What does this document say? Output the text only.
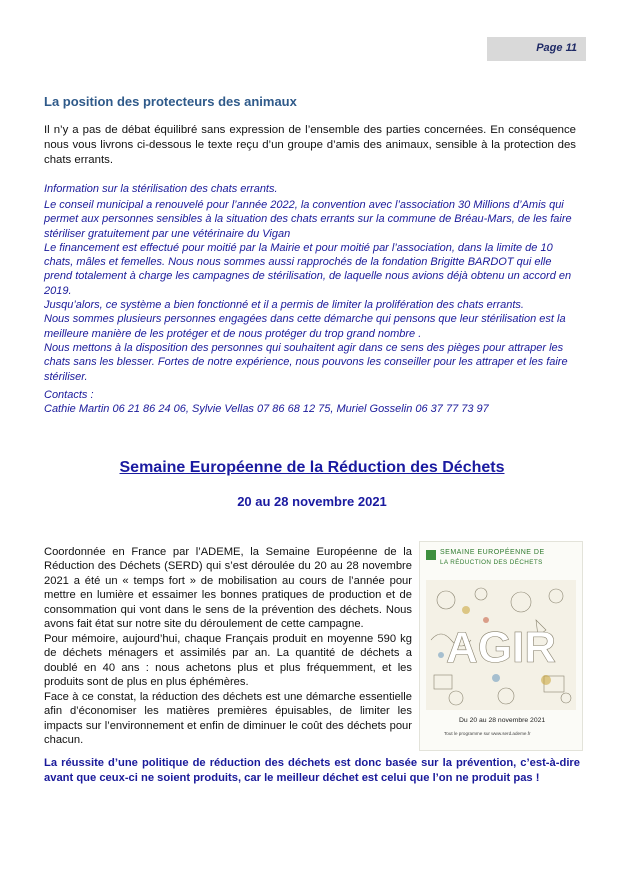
Page 11
La position des protecteurs des animaux

Il n’y a pas de débat équilibré sans expression de l’ensemble des parties concernées. En conséquence nous vous livrons ci-dessous le texte reçu d’un groupe d’amis des animaux, sensible à la protection des chats errants.

Information sur la stérilisation des chats errants.

Le conseil municipal a renouvelé pour l’année 2022, la convention avec l’association 30 Millions d’Amis qui permet aux personnes sensibles à la situation des chats errants sur la commune de Bréau-Mars, de les faire stériliser gratuitement par une vétérinaire du Vigan
Le financement est effectué pour moitié par la Mairie et pour moitié par l’association, dans la limite de 10 chats, mâles et femelles. Nous nous sommes aussi rapprochés de la fondation Brigitte BARDOT qui elle prend totalement à charge les campagnes de stérilisation, de laquelle nous avions déjà obtenu un accord en 2019.
Jusqu’alors, ce système a bien fonctionné et il a permis de limiter la prolifération des chats errants.
Nous sommes plusieurs personnes engagées dans cette démarche qui pensons que leur stérilisation est la meilleure manière de les protéger et de nous protéger du trop grand nombre .
Nous mettons à la disposition des personnes qui souhaitent agir dans ce sens des pièges pour attraper les chats sans les blesser. Fortes de notre expérience, nous pouvons les conseiller pour les attraper et les faire stériliser.

Contacts :

Cathie Martin 06 21 86 24 06, Sylvie Vellas 07 86 68 12 75, Muriel Gosselin 06 37 77 73 97

Semaine Européenne de la Réduction des Déchets

20 au 28 novembre 2021

Coordonnée en France par l’ADEME, la Semaine Européenne de la Réduction des Déchets (SERD) qui s’est déroulée du 20 au 28 novembre 2021 a été un « temps fort » de mobilisation au cours de l’année pour mettre en lumière et essaimer les bonnes pratiques de production et de consommation qui vont dans le sens de la prévention des déchets. Nous avons fait état sur notre site du déroulement de cette campagne.

Pour mémoire, aujourd’hui, chaque Français produit en moyenne 590 kg de déchets ménagers et assimilés par an. La quantité de déchets a doublé en 40 ans : nous achetons plus et plus fréquemment, et les produits sont de plus en plus éphémères.

Face à ce constat, la réduction des déchets est une démarche essentielle afin d’économiser les matières premières épuisables, de limiter les impacts sur l’environnement et enfin de diminuer le coût des déchets pour chacun.

SEMAINE EUROPÉENNE DE
LA RÉDUCTION DES DÉCHETS
AGIR
Du 20 au 28 novembre 2021
Tout le programme sur www.serd.ademe.fr

La réussite d’une politique de réduction des déchets est donc basée sur la prévention, c’est-à-dire avant que ceux-ci ne soient produits, car le meilleur déchet est celui que l’on ne produit pas !
